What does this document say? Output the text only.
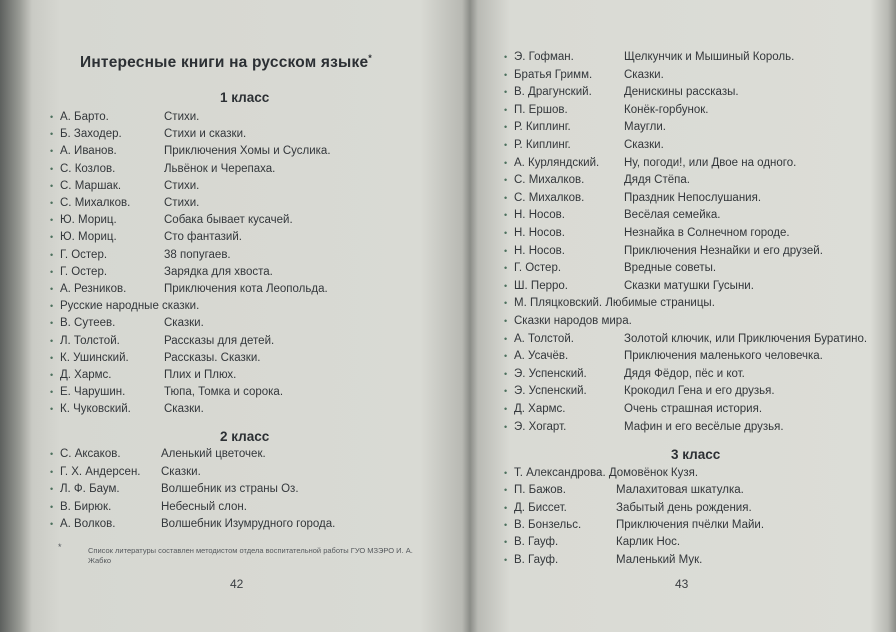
Интересные книги на русском языке*
1 класс
• А. Барто.	Стихи.
• Б. Заходер.	Стихи и сказки.
• А. Иванов.	Приключения Хомы и Суслика.
• С. Козлов.	Львёнок и Черепаха.
• С. Маршак.	Стихи.
• С. Михалков.	Стихи.
• Ю. Мориц.	Собака бывает кусачей.
• Ю. Мориц.	Сто фантазий.
• Г. Остер.	38 попугаев.
• Г. Остер.	Зарядка для хвоста.
• А. Резников.	Приключения кота Леопольда.
• Русские народные сказки.
• В. Сутеев.	Сказки.
• Л. Толстой.	Рассказы для детей.
• К. Ушинский.	Рассказы. Сказки.
• Д. Хармс.	Плих и Плюх.
• Е. Чарушин.	Тюпа, Томка и сорока.
• К. Чуковский.	Сказки.
2 класс
• С. Аксаков.	Аленький цветочек.
• Г. Х. Андерсен. Сказки.
• Л. Ф. Баум.	Волшебник из страны Оз.
• В. Бирюк.	Небесный слон.
• А. Волков.	Волшебник Изумрудного города.
*	Список литературы составлен методистом отдела воспитательной работы ГУО МЗЭРО И. А. Жабко
42
• Э. Гофман.	Щелкунчик и Мышиный Король.
• Братья Гримм.	Сказки.
• В. Драгунский.	Денискины рассказы.
• П. Ершов.	Конёк-горбунок.
• Р. Киплинг.	Маугли.
• Р. Киплинг.	Сказки.
• А. Курляндский. Ну, погоди!, или Двое на одного.
• С. Михалков.	Дядя Стёпа.
• С. Михалков.	Праздник Непослушания.
• Н. Носов.	Весёлая семейка.
• Н. Носов.	Незнайка в Солнечном городе.
• Н. Носов.	Приключения Незнайки и его друзей.
• Г. Остер.	Вредные советы.
• Ш. Перро.	Сказки матушки Гусыни.
• М. Пляцковский. Любимые страницы.
• Сказки народов мира.
• А. Толстой.	Золотой ключик, или Приключения Буратино.
• А. Усачёв.	Приключения маленького человечка.
• Э. Успенский.	Дядя Фёдор, пёс и кот.
• Э. Успенский.	Крокодил Гена и его друзья.
• Д. Хармс.	Очень страшная история.
• Э. Хогарт.	Мафин и его весёлые друзья.
3 класс
• Т. Александрова. Домовёнок Кузя.
• П. Бажов.	Малахитовая шкатулка.
• Д. Биссет.	Забытый день рождения.
• В. Бонзельс.	Приключения пчёлки Майи.
• В. Гауф.	Карлик Нос.
• В. Гауф.	Маленький Мук.
43
